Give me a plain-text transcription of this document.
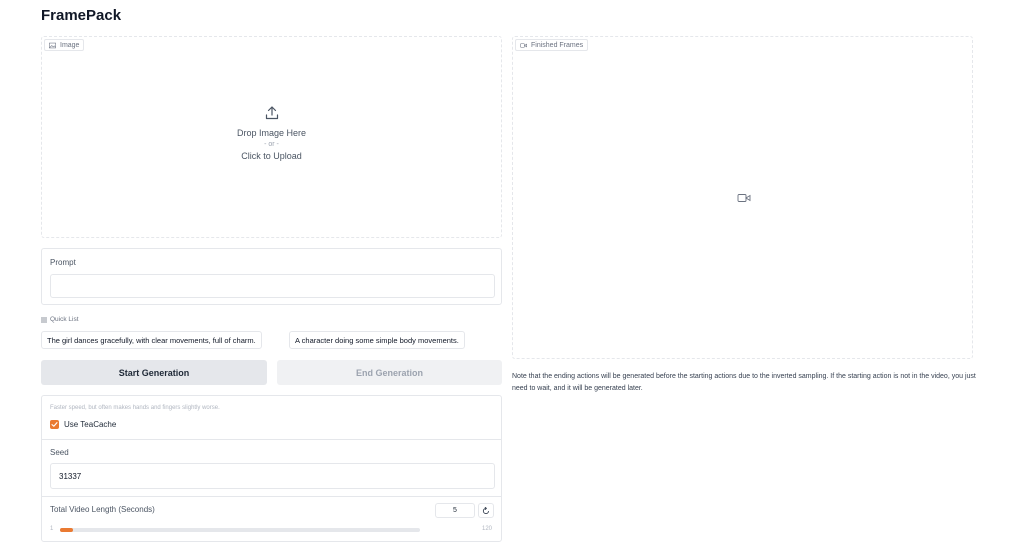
FramePack
Image
Drop Image Here
- or -
Click to Upload
Finished Frames
Prompt
Quick List
The girl dances gracefully, with clear movements, full of charm.	A character doing some simple body movements.
Start Generation	End Generation	Note that the ending actions will be generated before the starting actions due to the inverted sampling. If the starting action is not in the video, you just need to wait, and it will be generated later.

Faster speed, but often makes hands and fingers slightly worse.
Use TeaCache
Seed
31337
Total Video Length (Seconds)	5
1	120
